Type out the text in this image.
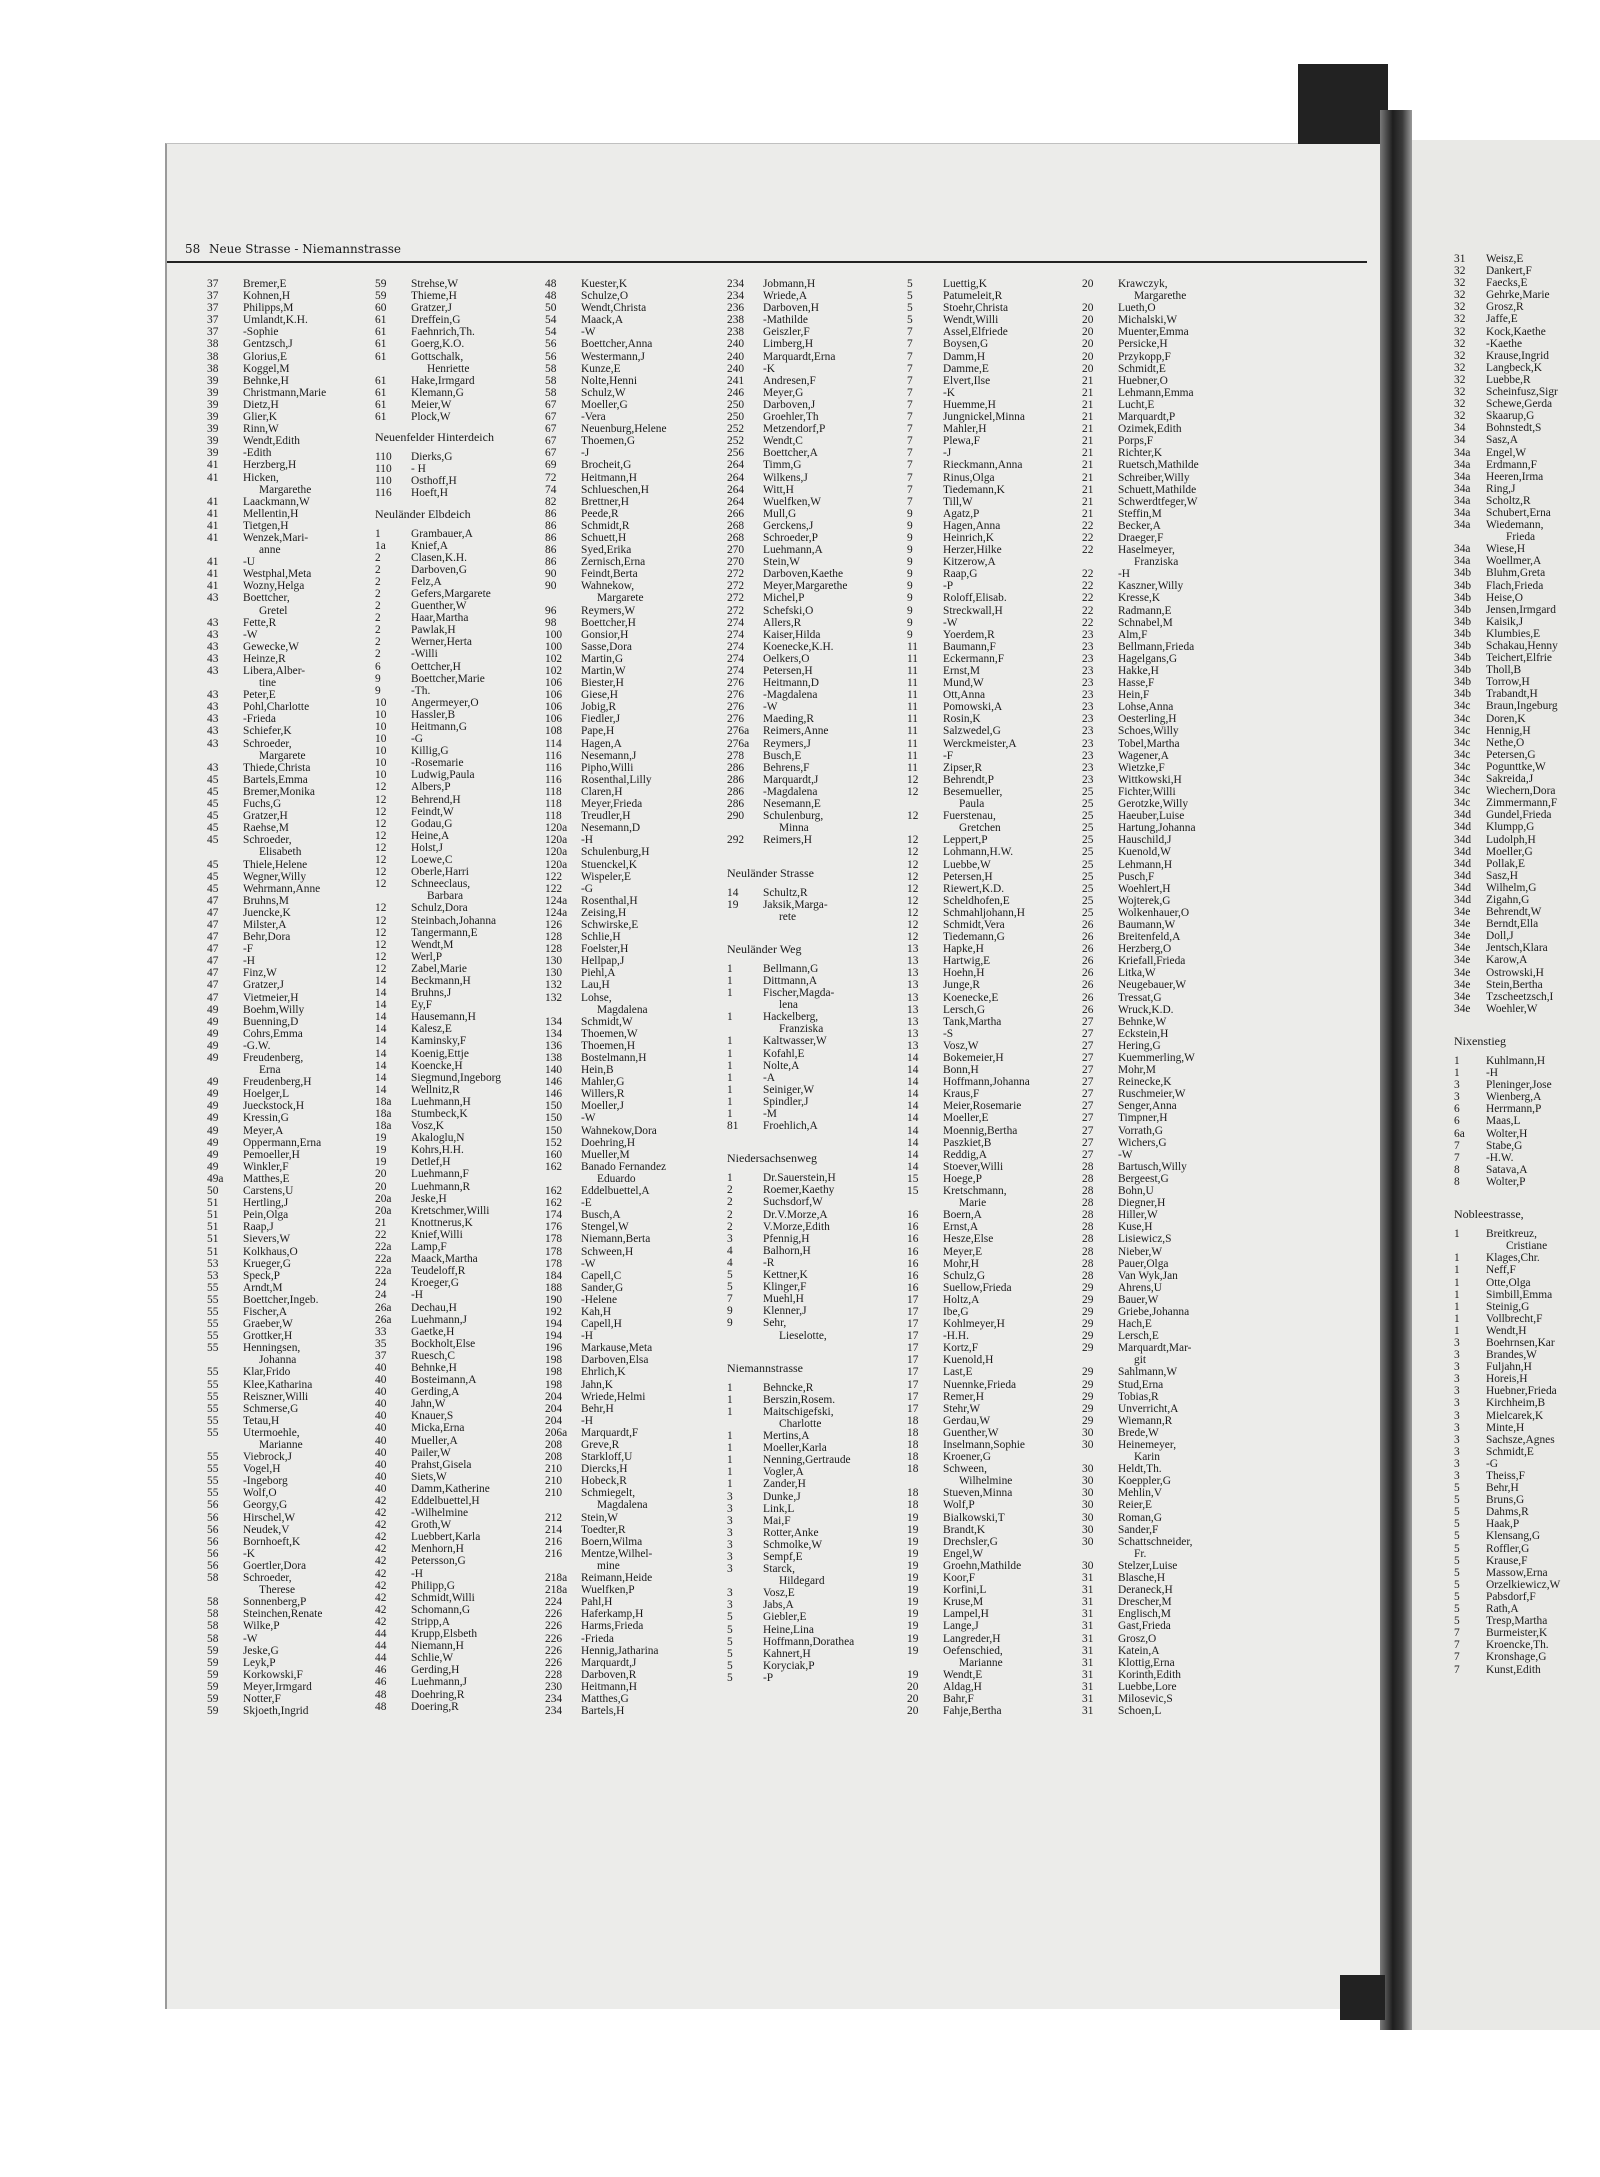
58 Neue Strasse - Niemannstrasse
37	Bremer,E
37	Kohnen,H
37	Philipps,M
37	Umlandt,K.H.
37	-Sophie
38	Gentzsch,J
38	Glorius,E
38	Koggel,M
39	Behnke,H
39	Christmann,Marie
39	Dietz,H
39	Glier,K
39	Rinn,W
39	Wendt,Edith
39	-Edith
41	Herzberg,H
41	Hicken,
Margarethe
41	Laackmann,W
41	Mellentin,H
41	Tietgen,H
41	Wenzek,Mari-
anne
41	-U
41	Westphal,Meta
41	Wozny,Helga
43	Boettcher,
Gretel
43	Fette,R
43	-W
43	Gewecke,W
43	Heinze,R
43	Libera,Alber-
tine
43	Peter,E
43	Pohl,Charlotte
43	-Frieda
43	Schiefer,K
43	Schroeder,
Margarete
43	Thiede,Christa
45	Bartels,Emma
45	Bremer,Monika
45	Fuchs,G
45	Gratzer,H
45	Raehse,M
45	Schroeder,
Elisabeth
45	Thiele,Helene
45	Wegner,Willy
45	Wehrmann,Anne
47	Bruhns,M
47	Juencke,K
47	Milster,A
47	Behr,Dora
47	-F
47	-H
47	Finz,W
47	Gratzer,J
47	Vietmeier,H
49	Boehm,Willy
49	Buenning,D
49	Cohrs,Emma
49	-G.W.
49	Freudenberg,
Erna
49	Freudenberg,H
49	Hoelger,L
49	Jueckstock,H
49	Kressin,G
49	Meyer,A
49	Oppermann,Erna
49	Pemoeller,H
49	Winkler,F
49a	Matthes,E
50	Carstens,U
51	Hertling,J
51	Pein,Olga
51	Raap,J
51	Sievers,W
51	Kolkhaus,O
53	Krueger,G
53	Speck,P
55	Arndt,M
55	Boettcher,Ingeb.
55	Fischer,A
55	Graeber,W
55	Grottker,H
55	Henningsen,
Johanna
55	Klar,Frido
55	Klee,Katharina
55	Reiszner,Willi
55	Schmerse,G
55	Tetau,H
55	Utermoehle,
Marianne
55	Viebrock,J
55	Vogel,H
55	-Ingeborg
55	Wolf,O
56	Georgy,G
56	Hirschel,W
56	Neudek,V
56	Bornhoeft,K
56	-K
56	Goertler,Dora
58	Schroeder,
Therese
58	Sonnenberg,P
58	Steinchen,Renate
58	Wilke,P
58	-W
59	Jeske,G
59	Leyk,P
59	Korkowski,F
59	Meyer,Irmgard
59	Notter,F
59	Skjoeth,Ingrid
59	Strehse,W
59	Thieme,H
60	Gratzer,J
61	Dreffein,G
61	Faehnrich,Th.
61	Goerg,K.O.
61	Gottschalk,
Henriette
61	Hake,Irmgard
61	Klemann,G
61	Meier,W
61	Plock,W
Neuenfelder Hinterdeich
110	Dierks,G
110	- H
110	Osthoff,H
116	Hoeft,H
Neuländer Elbdeich
1	Grambauer,A
1a	Knief,A
2	Clasen,K.H.
2	Darboven,G
2	Felz,A
2	Gefers,Margarete
2	Guenther,W
2	Haar,Martha
2	Pawlak,H
2	Werner,Herta
2	-Willi
6	Oettcher,H
9	Boettcher,Marie
9	-Th.
10	Angermeyer,O
10	Hassler,B
10	Heitmann,G
10	-G
10	Killig,G
10	-Rosemarie
10	Ludwig,Paula
12	Albers,P
12	Behrend,H
12	Feindt,W
12	Godau,G
12	Heine,A
12	Holst,J
12	Loewe,C
12	Oberle,Harri
12	Schneeclaus,
Barbara
12	Schulz,Dora
12	Steinbach,Johanna
12	Tangermann,E
12	Wendt,M
12	Werl,P
12	Zabel,Marie
14	Beckmann,H
14	Bruhns,J
14	Ey,F
14	Hausemann,H
14	Kalesz,E
14	Kaminsky,F
14	Koenig,Ettje
14	Koencke,H
14	Siegmund,Ingeborg
14	Wellnitz,R
18a	Luehmann,H
18a	Stumbeck,K
18a	Vosz,K
19	Akaloglu,N
19	Kohrs,H.H.
19	Detlef,H
20	Luehmann,F
20	Luehmann,R
20a	Jeske,H
20a	Kretschmer,Willi
21	Knottnerus,K
22	Knief,Willi
22a	Lamp,F
22a	Maack,Martha
22a	Teudeloff,R
24	Kroeger,G
24	-H
26a	Dechau,H
26a	Luehmann,J
33	Gaetke,H
35	Bockholt,Else
37	Ruesch,C
40	Behnke,H
40	Bosteimann,A
40	Gerding,A
40	Jahn,W
40	Knauer,S
40	Micka,Erna
40	Mueller,A
40	Pailer,W
40	Prahst,Gisela
40	Siets,W
40	Damm,Katherine
42	Eddelbuettel,H
42	-Wilhelmine
42	Groth,W
42	Luebbert,Karla
42	Menhorn,H
42	Petersson,G
42	-H
42	Philipp,G
42	Schmidt,Willi
42	Schomann,G
42	Stripp,A
44	Krupp,Elsbeth
44	Niemann,H
44	Schlie,W
46	Gerding,H
46	Luehmann,J
48	Doehring,R
48	Doering,R
48	Kuester,K
48	Schulze,O
50	Wendt,Christa
54	Maack,A
54	-W
56	Boettcher,Anna
56	Westermann,J
58	Kunze,E
58	Nolte,Henni
58	Schulz,W
67	Moeller,G
67	-Vera
67	Neuenburg,Helene
67	Thoemen,G
67	-J
69	Brocheit,G
72	Heitmann,H
74	Schlueschen,H
82	Brettner,H
86	Peede,R
86	Schmidt,R
86	Schuett,H
86	Syed,Erika
86	Zernisch,Erna
90	Feindt,Berta
90	Wahnekow,
Margarete
96	Reymers,W
98	Boettcher,H
100	Gonsior,H
100	Sasse,Dora
102	Martin,G
102	Martin,W
106	Biester,H
106	Giese,H
106	Jobig,R
106	Fiedler,J
108	Pape,H
114	Hagen,A
116	Nesemann,J
116	Pipho,Willi
116	Rosenthal,Lilly
118	Claren,H
118	Meyer,Frieda
118	Treudler,H
120a	Nesemann,D
120a	-H
120a	Schulenburg,H
120a	Stuenckel,K
122	Wispeler,E
122	-G
124a	Rosenthal,H
124a	Zeising,H
126	Schwirske,E
128	Schlie,H
128	Foelster,H
130	Hellpap,J
130	Piehl,A
132	Lau,H
132	Lohse,
Magdalena
134	Schmidt,W
134	Thoemen,W
136	Thoemen,H
138	Bostelmann,H
140	Hein,B
146	Mahler,G
146	Willers,R
150	Moeller,J
150	-W
150	Wahnekow,Dora
152	Doehring,H
160	Mueller,M
162	Banado Fernandez
Eduardo
162	Eddelbuettel,A
162	-E
174	Busch,A
176	Stengel,W
178	Niemann,Berta
178	Schween,H
178	-W
184	Capell,C
188	Sander,G
190	-Helene
192	Kah,H
194	Capell,H
194	-H
196	Markause,Meta
198	Darboven,Elsa
198	Ehrlich,K
198	Jahn,K
204	Wriede,Helmi
204	Behr,H
204	-H
206a	Marquardt,F
208	Greve,R
208	Starkloff,U
210	Diercks,H
210	Hobeck,R
210	Schmiegelt,
Magdalena
212	Stein,W
214	Toedter,R
216	Boern,Wilma
216	Mentze,Wilhel-
mine
218a	Reimann,Heide
218a	Wuelfken,P
224	Pahl,H
226	Haferkamp,H
226	Harms,Frieda
226	-Frieda
226	Hennig,Jatharina
226	Marquardt,J
228	Darboven,R
230	Heitmann,H
234	Matthes,G
234	Bartels,H
234	Jobmann,H
234	Wriede,A
236	Darboven,H
238	-Mathilde
238	Geiszler,F
240	Limberg,H
240	Marquardt,Erna
240	-K
241	Andresen,F
246	Meyer,G
250	Darboven,J
250	Groehler,Th
252	Metzendorf,P
252	Wendt,C
256	Boettcher,A
264	Timm,G
264	Wilkens,J
264	Witt,H
264	Wuelfken,W
266	Mull,G
268	Gerckens,J
268	Schroeder,P
270	Luehmann,A
270	Stein,W
272	Darboven,Kaethe
272	Meyer,Margarethe
272	Michel,P
272	Schefski,O
274	Allers,R
274	Kaiser,Hilda
274	Koenecke,K.H.
274	Oelkers,O
274	Petersen,H
276	Heitmann,D
276	-Magdalena
276	-W
276	Maeding,R
276a	Reimers,Anne
276a	Reymers,J
278	Busch,E
286	Behrens,F
286	Marquardt,J
286	-Magdalena
286	Nesemann,E
290	Schulenburg,
Minna
292	Reimers,H
Neuländer Strasse
14	Schultz,R
19	Jaksik,Marga-
rete
Neuländer Weg
1	Bellmann,G
1	Dittmann,A
1	Fischer,Magda-
lena
1	Hackelberg,
Franziska
1	Kaltwasser,W
1	Kofahl,E
1	Nolte,A
1	-A
1	Seiniger,W
1	Spindler,J
1	-M
81	Froehlich,A
Niedersachsenweg
1	Dr.Sauerstein,H
2	Roemer,Kaethy
2	Suchsdorf,W
2	Dr.V.Morze,A
2	V.Morze,Edith
3	Pfennig,H
4	Balhorn,H
4	-R
5	Kettner,K
5	Klinger,F
7	Muehl,H
9	Klenner,J
9	Sehr,
Lieselotte,
Niemannstrasse
1	Behncke,R
1	Berszin,Rosem.
1	Maitschigefski,
Charlotte
1	Mertins,A
1	Moeller,Karla
1	Nenning,Gertraude
1	Vogler,A
1	Zander,H
3	Dunke,J
3	Link,L
3	Mai,F
3	Rotter,Anke
3	Schmolke,W
3	Sempf,E
3	Starck,
Hildegard
3	Vosz,E
3	Jabs,A
5	Giebler,E
5	Heine,Lina
5	Hoffmann,Dorathea
5	Kahnert,H
5	Koryciak,P
5	-P
5	Luettig,K
5	Patumeleit,R
5	Stoehr,Christa
5	Wendt,Willi
7	Assel,Elfriede
7	Boysen,G
7	Damm,H
7	Damme,E
7	Elvert,Ilse
7	-K
7	Huemme,H
7	Jungnickel,Minna
7	Mahler,H
7	Plewa,F
7	-J
7	Rieckmann,Anna
7	Rinus,Olga
7	Tiedemann,K
7	Till,W
9	Agatz,P
9	Hagen,Anna
9	Heinrich,K
9	Herzer,Hilke
9	Kitzerow,A
9	Raap,G
9	-P
9	Roloff,Elisab.
9	Streckwall,H
9	-W
9	Yoerdem,R
11	Baumann,F
11	Eckermann,F
11	Ernst,M
11	Mund,W
11	Ott,Anna
11	Pomowski,A
11	Rosin,K
11	Salzwedel,G
11	Werckmeister,A
11	-F
11	Zipser,R
12	Behrendt,P
12	Besemueller,
Paula
12	Fuerstenau,
Gretchen
12	Leppert,P
12	Lohmann,H.W.
12	Luebbe,W
12	Petersen,H
12	Riewert,K.D.
12	Scheldhofen,E
12	Schmahljohann,H
12	Schmidt,Vera
12	Tiedemann,G
13	Hapke,H
13	Hartwig,E
13	Hoehn,H
13	Junge,R
13	Koenecke,E
13	Lersch,G
13	Tank,Martha
13	-S
13	Vosz,W
14	Bokemeier,H
14	Bonn,H
14	Hoffmann,Johanna
14	Kraus,F
14	Meier,Rosemarie
14	Moeller,E
14	Moennig,Bertha
14	Paszkiet,B
14	Reddig,A
14	Stoever,Willi
15	Hoege,P
15	Kretschmann,
Marie
16	Boern,A
16	Ernst,A
16	Hesze,Else
16	Meyer,E
16	Mohr,H
16	Schulz,G
16	Suellow,Frieda
17	Holtz,A
17	Ibe,G
17	Kohlmeyer,H
17	-H.H.
17	Kortz,F
17	Kuenold,H
17	Last,E
17	Nuennke,Frieda
17	Remer,H
17	Stehr,W
18	Gerdau,W
18	Guenther,W
18	Inselmann,Sophie
18	Kroener,G
18	Schween,
Wilhelmine
18	Stueven,Minna
18	Wolf,P
19	Bialkowski,T
19	Brandt,K
19	Drechsler,G
19	Engel,W
19	Groehn,Mathilde
19	Koor,F
19	Korfini,L
19	Kruse,M
19	Lampel,H
19	Lange,J
19	Langreder,H
19	Oefenschied,
Marianne
19	Wendt,E
20	Aldag,H
20	Bahr,F
20	Fahje,Bertha
20	Krawczyk,
Margarethe
20	Lueth,O
20	Michalski,W
20	Muenter,Emma
20	Persicke,H
20	Przykopp,F
20	Schmidt,E
21	Huebner,O
21	Lehmann,Emma
21	Lucht,E
21	Marquardt,P
21	Ozimek,Edith
21	Porps,F
21	Richter,K
21	Ruetsch,Mathilde
21	Schreiber,Willy
21	Schuett,Mathilde
21	Schwerdtfeger,W
21	Steffin,M
22	Becker,A
22	Draeger,F
22	Haselmeyer,
Franziska
22	-H
22	Kaszner,Willy
22	Kresse,K
22	Radmann,E
22	Schnabel,M
23	Alm,F
23	Bellmann,Frieda
23	Hagelgans,G
23	Hakke,H
23	Hasse,F
23	Hein,F
23	Lohse,Anna
23	Oesterling,H
23	Schoes,Willy
23	Tobel,Martha
23	Wagener,A
23	Wietzke,F
23	Wittkowski,H
25	Fichter,Willi
25	Gerotzke,Willy
25	Haeuber,Luise
25	Hartung,Johanna
25	Hauschild,J
25	Kuenold,W
25	Lehmann,H
25	Pusch,F
25	Woehlert,H
25	Wojterek,G
25	Wolkenhauer,O
26	Baumann,W
26	Breitenfeld,A
26	Herzberg,O
26	Kriefall,Frieda
26	Litka,W
26	Neugebauer,W
26	Tressat,G
26	Wruck,K.D.
27	Behnke,W
27	Eckstein,H
27	Hering,G
27	Kuemmerling,W
27	Mohr,M
27	Reinecke,K
27	Ruschmeier,W
27	Senger,Anna
27	Timpner,H
27	Vorrath,G
27	Wichers,G
27	-W
28	Bartusch,Willy
28	Bergeest,G
28	Bohn,U
28	Diegner,H
28	Hiller,W
28	Kuse,H
28	Lisiewicz,S
28	Nieber,W
28	Pauer,Olga
28	Van Wyk,Jan
29	Ahrens,U
29	Bauer,W
29	Griebe,Johanna
29	Hach,E
29	Lersch,E
29	Marquardt,Mar-
git
29	Sahlmann,W
29	Stud,Erna
29	Tobias,R
29	Unverricht,A
29	Wiemann,R
30	Brede,W
30	Heinemeyer,
Karin
30	Heldt,Th.
30	Koeppler,G
30	Mehlin,V
30	Reier,E
30	Roman,G
30	Sander,F
30	Schattschneider,
Fr.
30	Stelzer,Luise
31	Blasche,H
31	Deraneck,H
31	Drescher,M
31	Englisch,M
31	Gast,Frieda
31	Grosz,O
31	Katein,A
31	Klottig,Erna
31	Korinth,Edith
31	Luebbe,Lore
31	Milosevic,S
31	Schoen,L
31	Weisz,E
32	Dankert,F
32	Faecks,E
32	Gehrke,Marie
32	Grosz,R
32	Jaffe,E
32	Kock,Kaethe
32	-Kaethe
32	Krause,Ingrid
32	Langbeck,K
32	Luebbe,R
32	Scheinfusz,Sigr
32	Schewe,Gerda
32	Skaarup,G
34	Bohnstedt,S
34	Sasz,A
34a	Engel,W
34a	Erdmann,F
34a	Heeren,Irma
34a	Ring,J
34a	Scholtz,R
34a	Schubert,Erna
34a	Wiedemann,
Frieda
34a	Wiese,H
34a	Woellmer,A
34b	Bluhm,Greta
34b	Flach,Frieda
34b	Heise,O
34b	Jensen,Irmgard
34b	Kaisik,J
34b	Klumbies,E
34b	Schakau,Henny
34b	Teichert,Elfrie
34b	Tholl,B
34b	Torrow,H
34b	Trabandt,H
34c	Braun,Ingeburg
34c	Doren,K
34c	Hennig,H
34c	Nethe,O
34c	Petersen,G
34c	Pogunttke,W
34c	Sakreida,J
34c	Wiechern,Dora
34c	Zimmermann,F
34d	Gundel,Frieda
34d	Klumpp,G
34d	Ludolph,H
34d	Moeller,G
34d	Pollak,E
34d	Sasz,H
34d	Wilhelm,G
34d	Zigahn,G
34e	Behrendt,W
34e	Berndt,Ella
34e	Doll,J
34e	Jentsch,Klara
34e	Karow,A
34e	Ostrowski,H
34e	Stein,Bertha
34e	Tzscheetzsch,I
34e	Woehler,W
Nixenstieg
1	Kuhlmann,H
1	-H
3	Pleninger,Jose
3	Wienberg,A
6	Herrmann,P
6	Maas,L
6a	Wolter,H
7	Stabe,G
7	-H.W.
8	Satava,A
8	Wolter,P
Nobleestrasse,
1	Breitkreuz,
Cristiane
1	Klages,Chr.
1	Neff,F
1	Otte,Olga
1	Simbill,Emma
1	Steinig,G
1	Vollbrecht,F
1	Wendt,H
3	Boehrnsen,Kar
3	Brandes,W
3	Fuljahn,H
3	Horeis,H
3	Huebner,Frieda
3	Kirchheim,B
3	Mielcarek,K
3	Minte,H
3	Sachsze,Agnes
3	Schmidt,E
3	-G
3	Theiss,F
5	Behr,H
5	Bruns,G
5	Dahms,R
5	Haak,P
5	Klensang,G
5	Roffler,G
5	Krause,F
5	Massow,Erna
5	Orzelkiewicz,W
5	Pabsdorf,F
5	Rath,A
5	Tresp,Martha
7	Burmeister,K
7	Kroencke,Th.
7	Kronshage,G
7	Kunst,Edith
